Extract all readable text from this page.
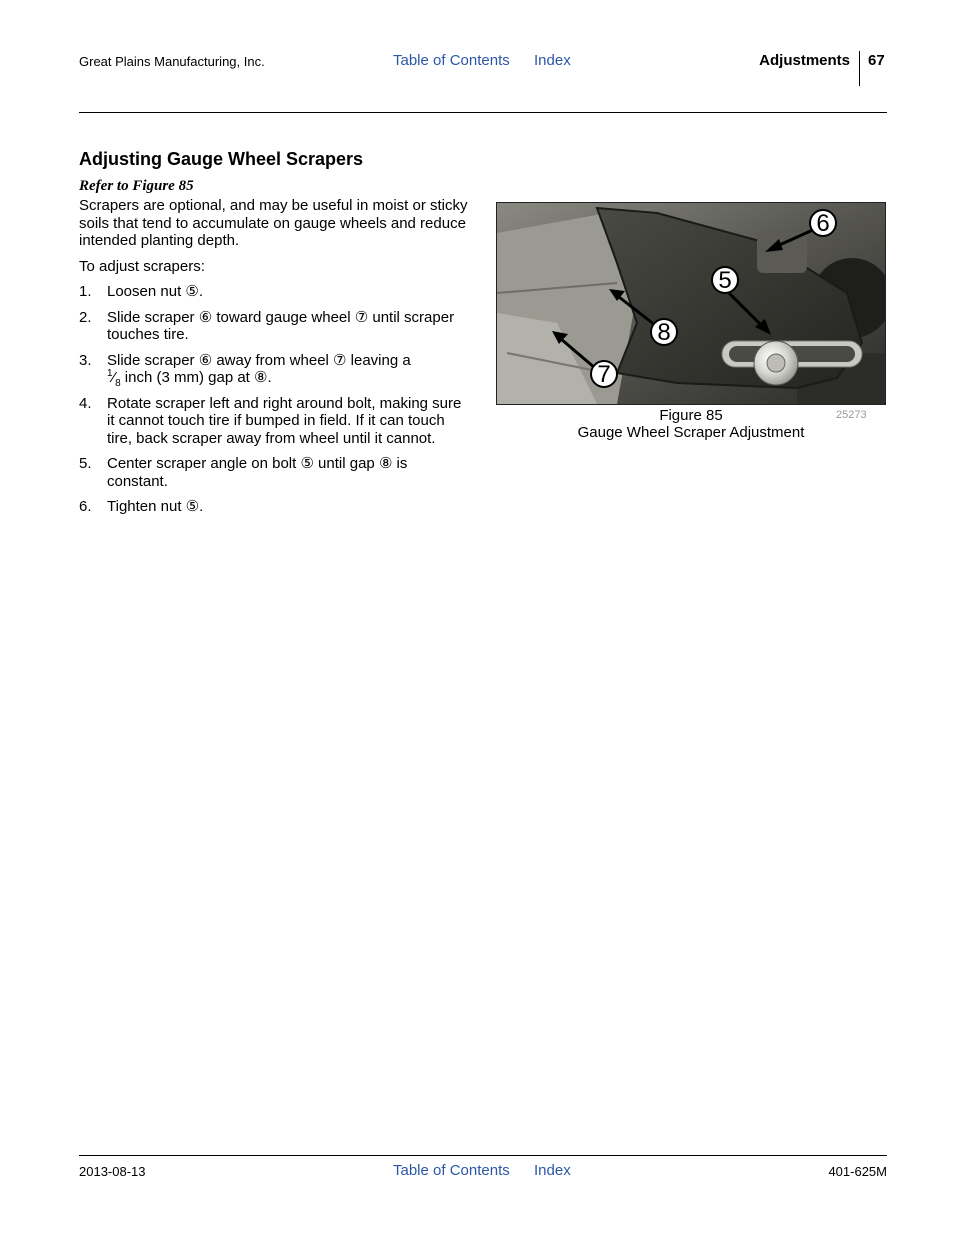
Great Plains Manufacturing, Inc.	Table of Contents Index	Adjustments 67
Adjusting Gauge Wheel Scrapers
Refer to Figure 85

Scrapers are optional, and may be useful in moist or sticky soils that tend to accumulate on gauge wheels and reduce intended planting depth.

To adjust scrapers:

1.	Loosen nut ⑤.
2.	Slide scraper ⑥ toward gauge wheel ⑦ until scraper touches tire.
3.	Slide scraper ⑥ away from wheel ⑦ leaving a
$^1⁄_8$ inch (3 mm) gap at ⑧.
4.	Rotate scraper left and right around bolt, making sure it cannot touch tire if bumped in field. If it can touch tire, back scraper away from wheel until it cannot.
5.	Center scraper angle on bolt ⑤ until gap ⑧ is constant.
6.	Tighten nut ⑤.
6
5
8
7
25273
Figure 85
Gauge Wheel Scraper Adjustment
2013-08-13	Table of Contents Index	401-625M
